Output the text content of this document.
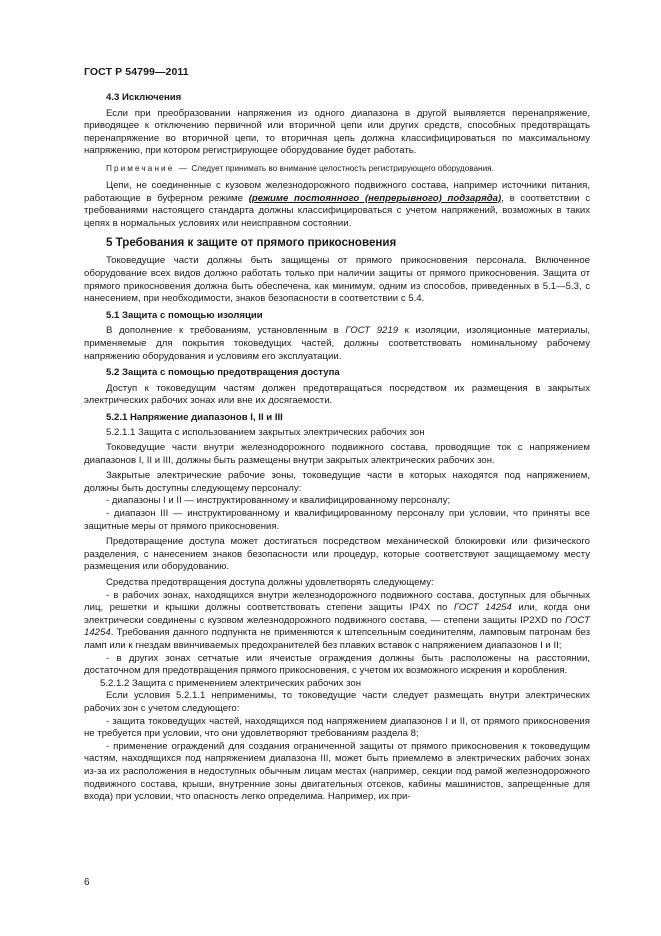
ГОСТ Р 54799—2011

4.3 Исключения

Если при преобразовании напряжения из одного диапазона в другой выявляется перенапряжение, приводящее к отключению первичной или вторичной цепи или других средств, способных предотвращать перенапряжение во вторичной цепи, то вторичная цепь должна классифицироваться по максимальному напряжению, при котором регистрирующее оборудование будет работать.

Примечание — Следует принимать во внимание целостность регистрирующего оборудования.

Цепи, не соединенные с кузовом железнодорожного подвижного состава, например источники питания, работающие в буферном режиме (режиме постоянного (непрерывного) подзаряда), в соответствии с требованиями настоящего стандарта должны классифицироваться с учетом напряжений, возможных в таких цепях в нормальных условиях или неисправном состоянии.

5 Требования к защите от прямого прикосновения

Токоведущие части должны быть защищены от прямого прикосновения персонала. Включенное оборудование всех видов должно работать только при наличии защиты от прямого прикосновения. Защита от прямого прикосновения должна быть обеспечена, как минимум, одним из способов, приведенных в 5.1—5.3, с нанесением, при необходимости, знаков безопасности в соответствии с 5.4.

5.1 Защита с помощью изоляции

В дополнение к требованиям, установленным в ГОСТ 9219 к изоляции, изоляционные материалы, применяемые для покрытия токоведущих частей, должны соответствовать номинальному рабочему напряжению оборудования и условиям его эксплуатации.

5.2 Защита с помощью предотвращения доступа

Доступ к токоведущим частям должен предотвращаться посредством их размещения в закрытых электрических рабочих зонах или вне их досягаемости.

5.2.1 Напряжение диапазонов I, II и III

5.2.1.1 Защита с использованием закрытых электрических рабочих зон

Токоведущие части внутри железнодорожного подвижного состава, проводящие ток с напряжением диапазонов I, II и III, должны быть размещены внутри закрытых электрических рабочих зон.

Закрытые электрические рабочие зоны, токоведущие части в которых находятся под напряжением, должны быть доступны следующему персоналу:

- диапазоны I и II — инструктированному и квалифицированному персоналу;

- диапазон III — инструктированному и квалифицированному персоналу при условии, что приняты все защитные меры от прямого прикосновения.

Предотвращение доступа может достигаться посредством механической блокировки или физического разделения, с нанесением знаков безопасности или процедур, которые соответствуют защищаемому месту размещения или оборудованию.

Средства предотвращения доступа должны удовлетворять следующему:

- в рабочих зонах, находящихся внутри железнодорожного подвижного состава, доступных для обычных лиц, решетки и крышки должны соответствовать степени защиты IP4X по ГОСТ 14254 или, когда они электрически соединены с кузовом железнодорожного подвижного состава, — степени защиты IP2XD по ГОСТ 14254. Требования данного подпункта не применяются к штепсельным соединителям, ламповым патронам без ламп или к гнездам ввинчиваемых предохранителей без плавких вставок с напряжением диапазонов I и II;

- в других зонах сетчатые или ячеистые ограждения должны быть расположены на расстоянии, достаточном для предотвращения прямого прикосновения, с учетом их возможного искрения и коробления.

5.2.1.2 Защита с применением электрических рабочих зон

Если условия 5.2.1.1 неприменимы, то токоведущие части следует размещать внутри электрических рабочих зон с учетом следующего:

- защита токоведущих частей, находящихся под напряжением диапазонов I и II, от прямого прикосновения не требуется при условии, что они удовлетворяют требованиям раздела 8;

- применение ограждений для создания ограниченной защиты от прямого прикосновения к токоведущим частям, находящихся под напряжением диапазона III, может быть приемлемо в электрических рабочих зонах из-за их расположения в недоступных обычным лицам местах (например, секции под рамой железнодорожного подвижного состава, крыши, внутренние зоны двигательных отсеков, кабины машинистов, запрещенные для входа) при условии, что опасность легко определима. Например, их при-

6
